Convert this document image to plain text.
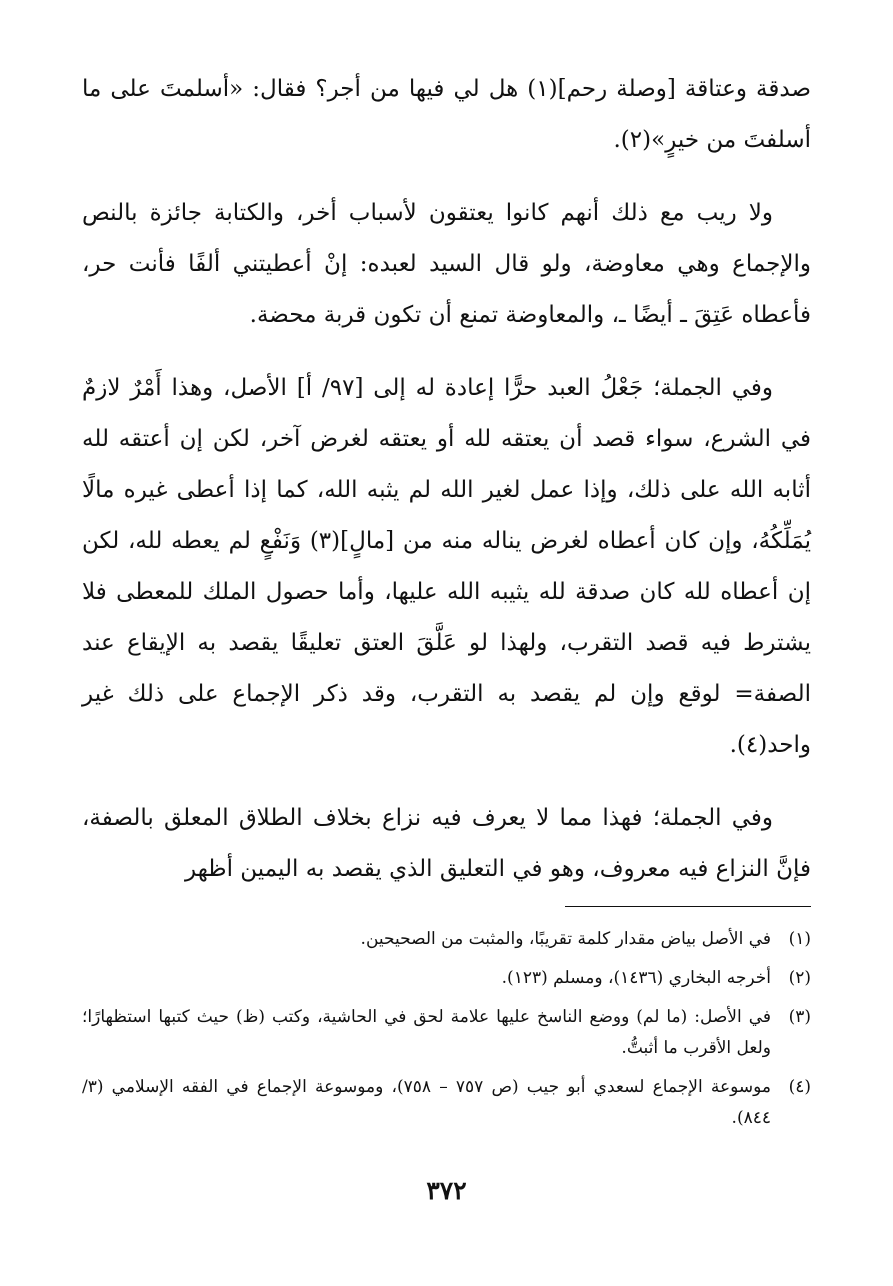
صدقة وعتاقة [وصلة رحم](١) هل لي فيها من أجر؟ فقال: «أسلمتَ على ما أسلفتَ من خيرٍ»(٢).

ولا ريب مع ذلك أنهم كانوا يعتقون لأسباب أخر، والكتابة جائزة بالنص والإجماع وهي معاوضة، ولو قال السيد لعبده: إنْ أعطيتني ألفًا فأنت حر، فأعطاه عَتِقَ ـ أيضًا ـ، والمعاوضة تمنع أن تكون قربة محضة.

وفي الجملة؛ جَعْلُ العبد حرًّا إعادة له إلى [٩٧/ أ] الأصل، وهذا أَمْرٌ لازمٌ في الشرع، سواء قصد أن يعتقه لله أو يعتقه لغرض آخر، لكن إن أعتقه لله أثابه الله على ذلك، وإذا عمل لغير الله لم يثبه الله، كما إذا أعطى غيره مالًا يُمَلِّكُهُ، وإن كان أعطاه لغرض يناله منه من [مالٍ](٣) وَنَفْعٍ لم يعطه لله، لكن إن أعطاه لله كان صدقة لله يثيبه الله عليها، وأما حصول الملك للمعطى فلا يشترط فيه قصد التقرب، ولهذا لو عَلَّقَ العتق تعليقًا يقصد به الإيقاع عند الصفة= لوقع وإن لم يقصد به التقرب، وقد ذكر الإجماع على ذلك غير واحد(٤).

وفي الجملة؛ فهذا مما لا يعرف فيه نزاع بخلاف الطلاق المعلق بالصفة، فإنَّ النزاع فيه معروف، وهو في التعليق الذي يقصد به اليمين أظهر

(١)
في الأصل بياض مقدار كلمة تقريبًا، والمثبت من الصحيحين.
(٢)
أخرجه البخاري (١٤٣٦)، ومسلم (١٢٣).
(٣)
في الأصل: (ما لم) ووضع الناسخ عليها علامة لحق في الحاشية، وكتب (ظ) حيث كتبها استظهارًا؛ ولعل الأقرب ما أثبتُّ.
(٤)
موسوعة الإجماع لسعدي أبو جيب (ص ٧٥٧ – ٧٥٨)، وموسوعة الإجماع في الفقه الإسلامي (٣/ ٨٤٤).
٣٧٢
